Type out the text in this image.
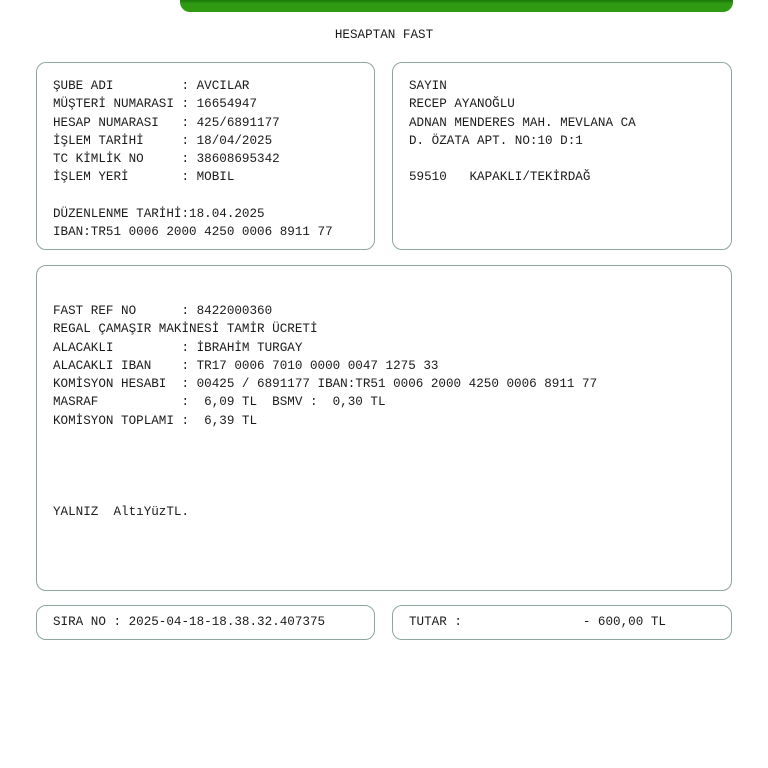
HESAPTAN FAST
ŞUBE ADI         : AVCILAR
MÜŞTERİ NUMARASI : 16654947
HESAP NUMARASI   : 425/6891177
İŞLEM TARİHİ     : 18/04/2025
TC KİMLİK NO     : 38608695342
İŞLEM YERİ       : MOBIL
DÜZENLENME TARİHİ:18.04.2025
IBAN:TR51 0006 2000 4250 0006 8911 77
SAYIN
RECEP AYANOĞLU
ADNAN MENDERES MAH. MEVLANA CA
D. ÖZATA APT. NO:10 D:1
59510   KAPAKLI/TEKİRDAĞ
FAST REF NO      : 8422000360
REGAL ÇAMAŞIR MAKİNESİ TAMİR ÜCRETİ
ALACAKLI         : İBRAHİM TURGAY
ALACAKLI IBAN    : TR17 0006 7010 0000 0047 1275 33
KOMİSYON HESABI  : 00425 / 6891177 IBAN:TR51 0006 2000 4250 0006 8911 77
MASRAF           :  6,09 TL  BSMV :  0,30 TL
KOMİSYON TOPLAMI :  6,39 TL
YALNIZ  AltıYüzTL.
SIRA NO : 2025-04-18-18.38.32.407375	TUTAR :                - 600,00 TL
